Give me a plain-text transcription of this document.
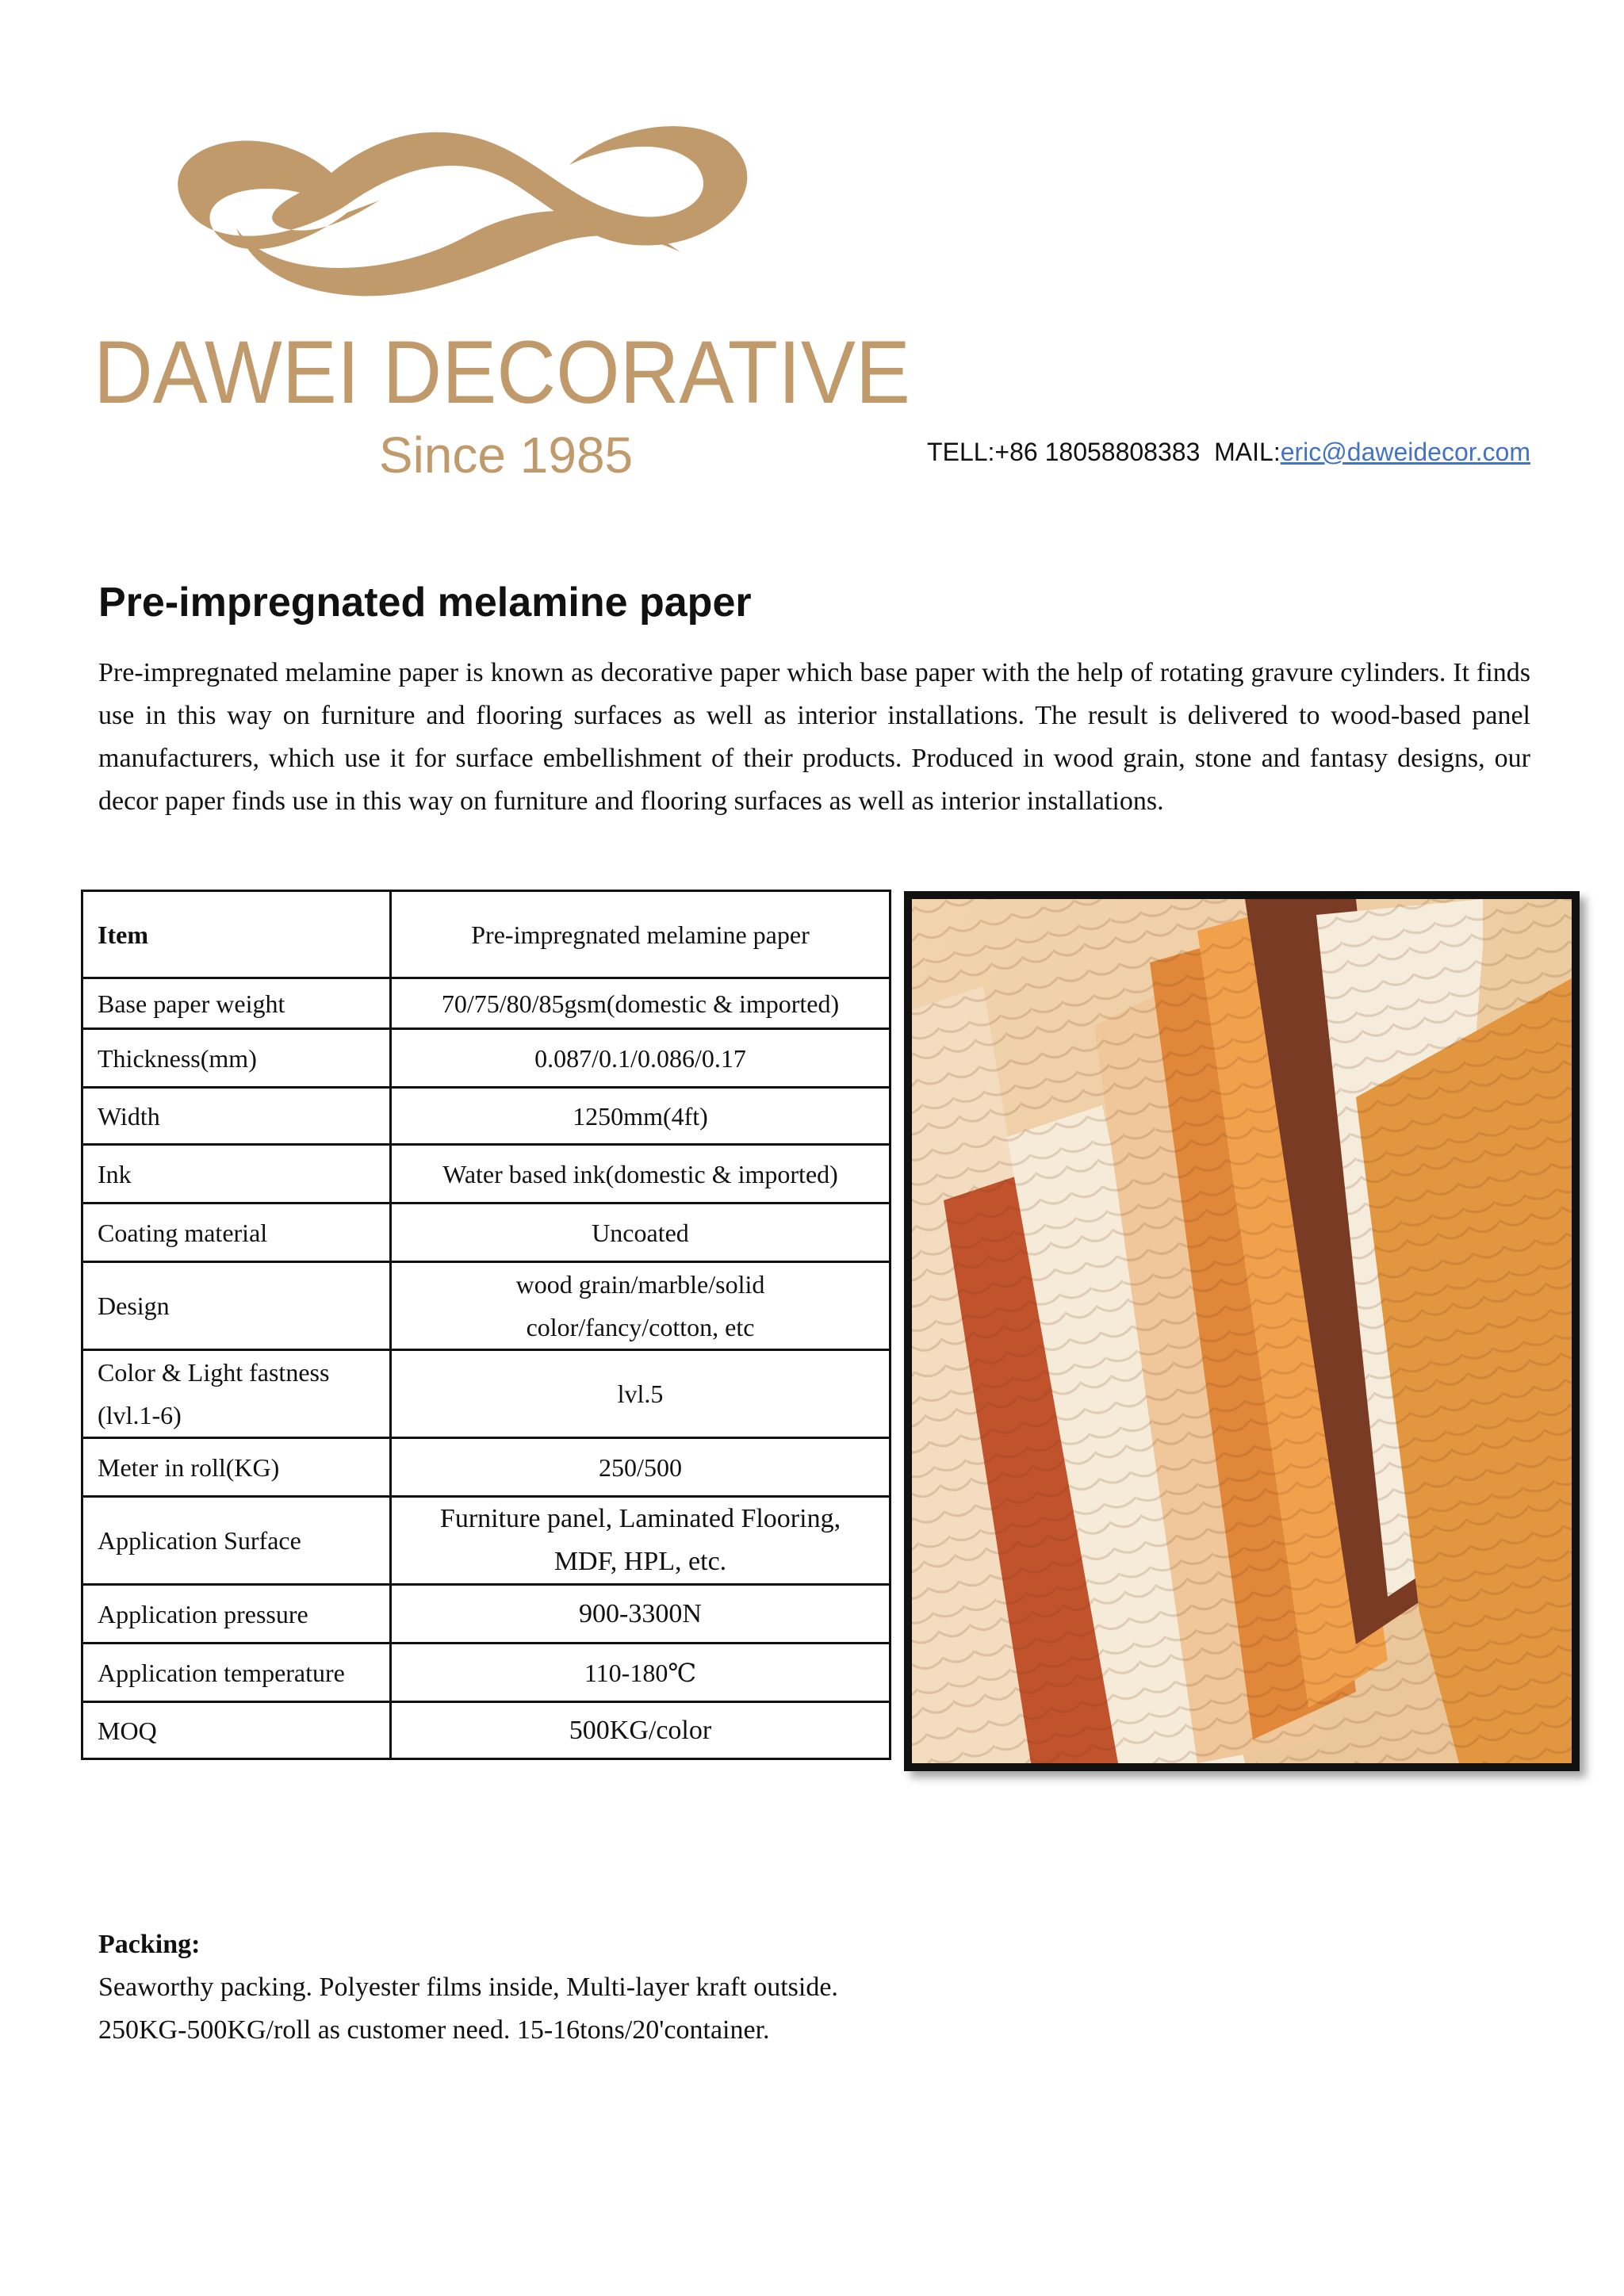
DAWEI DECORATIVE
Since 1985	TELL:+86 18058808383 MAIL:eric@daweidecor.com
Pre-impregnated melamine paper

Pre-impregnated melamine paper is known as decorative paper which base paper with the help of rotating gravure cylinders. It finds use in this way on furniture and flooring surfaces as well as interior installations. The result is delivered to wood-based panel manufacturers, which use it for surface embellishment of their products. Produced in wood grain, stone and fantasy designs, our decor paper finds use in this way on furniture and flooring surfaces as well as interior installations.

Item	Pre-impregnated melamine paper
Base paper weight	70/75/80/85gsm(domestic & imported)
Thickness(mm)	0.087/0.1/0.086/0.17
Width	1250mm(4ft)
Ink	Water based ink(domestic & imported)
Coating material	Uncoated
Design	wood grain/marble/solid color/fancy/cotton, etc
Color & Light fastness (lvl.1-6)	lvl.5
Meter in roll(KG)	250/500
Application Surface	Furniture panel, Laminated Flooring, MDF, HPL, etc.
Application pressure	900-3300N
Application temperature	110-180℃
MOQ	500KG/color

Packing:

Seaworthy packing. Polyester films inside, Multi-layer kraft outside.

250KG-500KG/roll as customer need. 15-16tons/20'container.
